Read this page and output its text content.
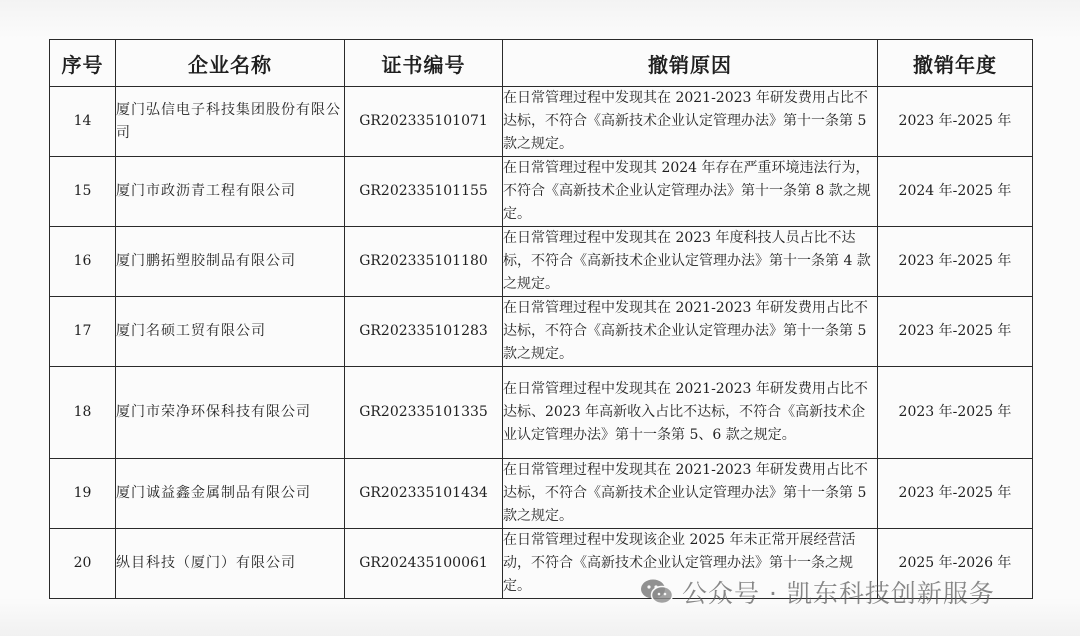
序号	企业名称	证书编号	撤销原因	撤销年度
14	厦门弘信电子科技集团股份有限公司	GR202335101071	在日常管理过程中发现其在 2021-2023 年研发费用占比不达标，不符合《高新技术企业认定管理办法》第十一条第 5 款之规定。	2023 年-2025 年
15	厦门市政沥青工程有限公司	GR202335101155	在日常管理过程中发现其 2024 年存在严重环境违法行为，不符合《高新技术企业认定管理办法》第十一条第 8 款之规定。	2024 年-2025 年
16	厦门鹏拓塑胶制品有限公司	GR202335101180	在日常管理过程中发现其在 2023 年度科技人员占比不达标，不符合《高新技术企业认定管理办法》第十一条第 4 款之规定。	2023 年-2025 年
17	厦门名硕工贸有限公司	GR202335101283	在日常管理过程中发现其在 2021-2023 年研发费用占比不达标，不符合《高新技术企业认定管理办法》第十一条第 5 款之规定。	2023 年-2025 年
18	厦门市荣净环保科技有限公司	GR202335101335	在日常管理过程中发现其在 2021-2023 年研发费用占比不达标、2023 年高新收入占比不达标，不符合《高新技术企业认定管理办法》第十一条第 5、6 款之规定。	2023 年-2025 年
19	厦门诚益鑫金属制品有限公司	GR202335101434	在日常管理过程中发现其在 2021-2023 年研发费用占比不达标，不符合《高新技术企业认定管理办法》第十一条第 5 款之规定。	2023 年-2025 年
20	纵目科技（厦门）有限公司	GR202435100061	在日常管理过程中发现该企业 2025 年未正常开展经营活动，不符合《高新技术企业认定管理办法》第十一条之规定。	2025 年-2026 年
公众号 · 凯东科技创新服务
